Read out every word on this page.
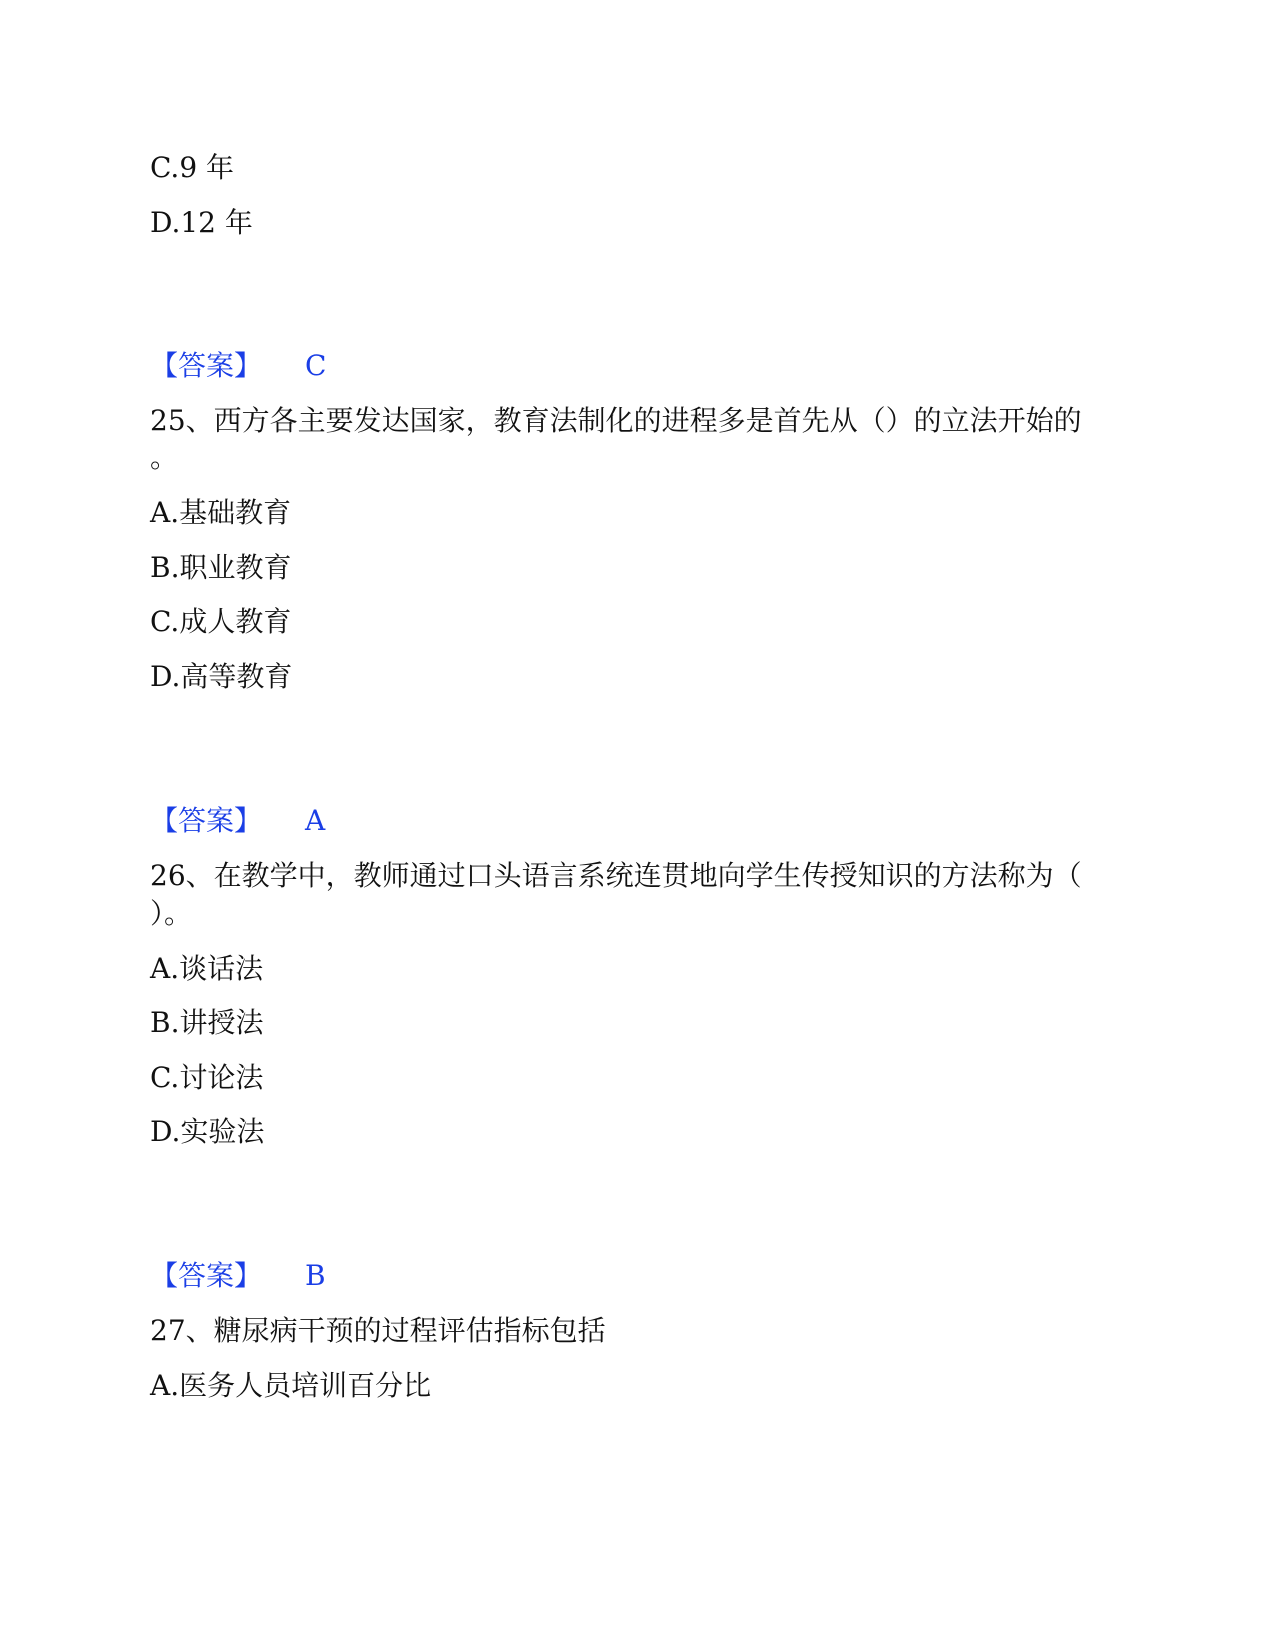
C.9 年
D.12 年
【答案】 C
25、西方各主要发达国家，教育法制化的进程多是首先从（）的立法开始的
。
A.基础教育
B.职业教育
C.成人教育
D.高等教育
【答案】 A
26、在教学中，教师通过口头语言系统连贯地向学生传授知识的方法称为（
）。
A.谈话法
B.讲授法
C.讨论法
D.实验法
【答案】 B
27、糖尿病干预的过程评估指标包括
A.医务人员培训百分比
